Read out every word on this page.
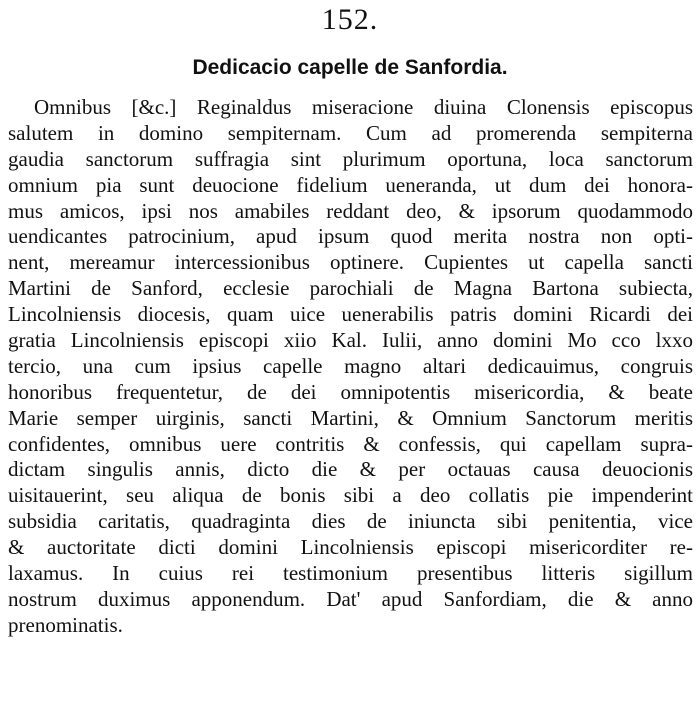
152.
Dedicacio capelle de Sanfordia.
Omnibus [&c.] Reginaldus miseracione diuina Clonensis episcopus
salutem in domino sempiternam. Cum ad promerenda sempiterna
gaudia sanctorum suffragia sint plurimum oportuna, loca sanctorum
omnium pia sunt deuocione fidelium ueneranda, ut dum dei honora-
mus amicos, ipsi nos amabiles reddant deo, & ipsorum quodammodo
uendicantes patrocinium, apud ipsum quod merita nostra non opti-
nent, mereamur intercessionibus optinere. Cupientes ut capella sancti
Martini de Sanford, ecclesie parochiali de Magna Bartona subiecta,
Lincolniensis diocesis, quam uice uenerabilis patris domini Ricardi dei
gratia Lincolniensis episcopi xiio Kal. Iulii, anno domini Mo cco lxxo
tercio, una cum ipsius capelle magno altari dedicauimus, congruis
honoribus frequentetur, de dei omnipotentis misericordia, & beate
Marie semper uirginis, sancti Martini, & Omnium Sanctorum meritis
confidentes, omnibus uere contritis & confessis, qui capellam supra-
dictam singulis annis, dicto die & per octauas causa deuocionis
uisitauerint, seu aliqua de bonis sibi a deo collatis pie impenderint
subsidia caritatis, quadraginta dies de iniuncta sibi penitentia, vice
& auctoritate dicti domini Lincolniensis episcopi misericorditer re-
laxamus. In cuius rei testimonium presentibus litteris sigillum
nostrum duximus apponendum. Dat' apud Sanfordiam, die & anno
prenominatis.
